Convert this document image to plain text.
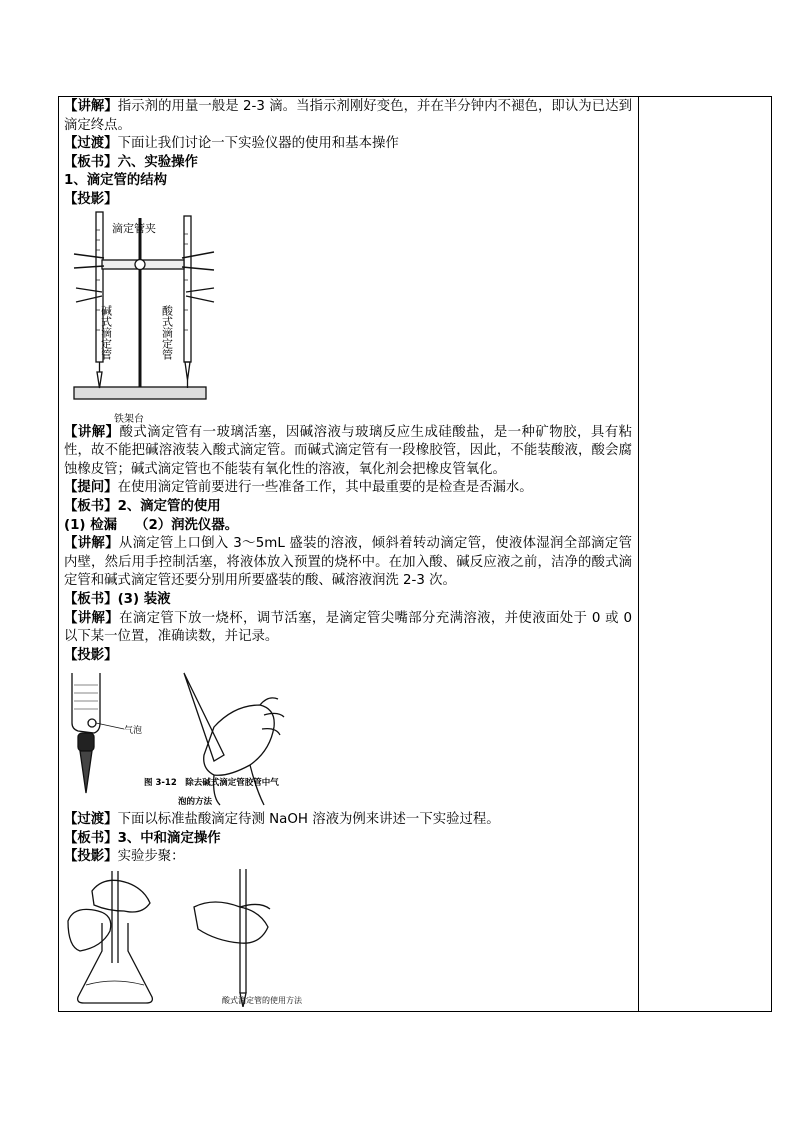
【讲解】指示剂的用量一般是 2-3 滴。当指示剂刚好变色，并在半分钟内不褪色，即认为已达到滴定终点。

【过渡】下面让我们讨论一下实验仪器的使用和基本操作

【板书】六、实验操作

1、滴定管的结构

【投影】

滴定管夹
铁架台
碱式滴定管	酸式滴定管

【讲解】酸式滴定管有一玻璃活塞，因碱溶液与玻璃反应生成硅酸盐，是一种矿物胶，具有粘性，故不能把碱溶液装入酸式滴定管。而碱式滴定管有一段橡胶管，因此，不能装酸液，酸会腐蚀橡皮管；碱式滴定管也不能装有氧化性的溶液，氧化剂会把橡皮管氧化。

【提问】在使用滴定管前要进行一些准备工作，其中最重要的是检查是否漏水。

【板书】2、滴定管的使用

(1) 检漏　 （2）润洗仪器。

【讲解】从滴定管上口倒入 3～5mL 盛装的溶液，倾斜着转动滴定管，使液体湿润全部滴定管内壁，然后用手控制活塞，将液体放入预置的烧杯中。在加入酸、碱反应液之前，洁净的酸式滴定管和碱式滴定管还要分别用所要盛装的酸、碱溶液润洗 2-3 次。

【板书】(3) 装液

【讲解】在滴定管下放一烧杯，调节活塞，是滴定管尖嘴部分充满溶液，并使液面处于 0 或 0 以下某一位置，准确读数，并记录。

【投影】

气泡
图 3-12　除去碱式滴定管胶管中气
泡的方法

【过渡】下面以标准盐酸滴定待测 NaOH 溶液为例来讲述一下实验过程。

【板书】3、中和滴定操作

【投影】实验步聚：

酸式滴定管的使用方法
